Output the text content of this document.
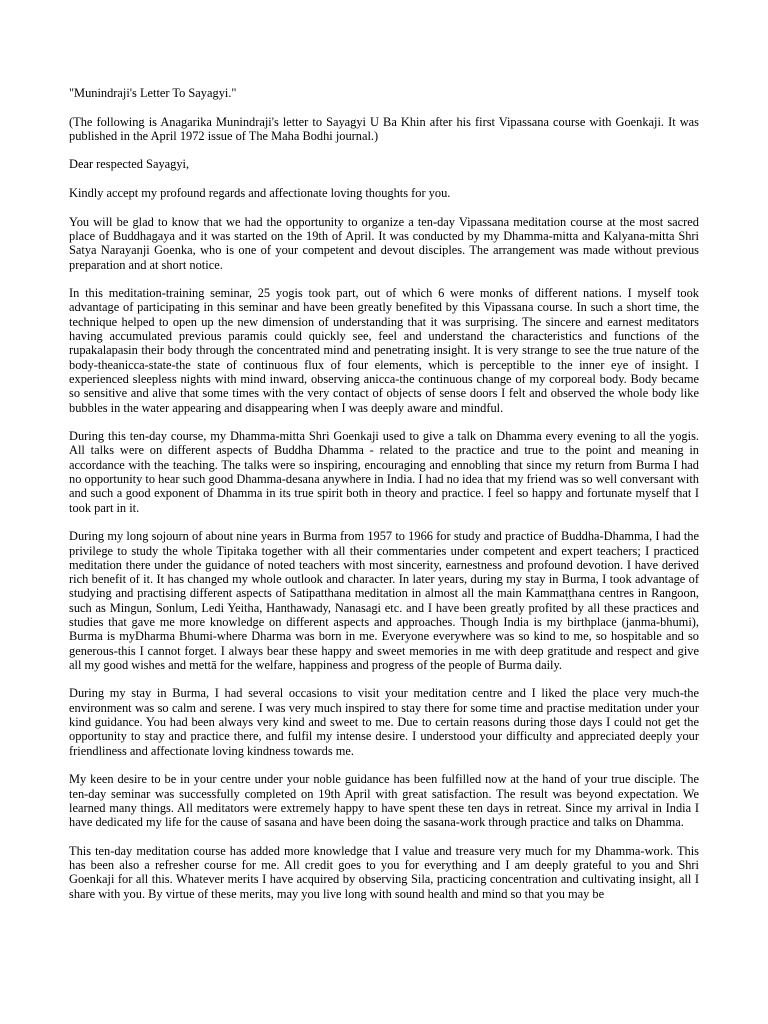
"Munindraji's Letter To Sayagyi."

(The following is Anagarika Munindraji's letter to Sayagyi U Ba Khin after his first Vipassana course with Goenkaji. It was published in the April 1972 issue of The Maha Bodhi journal.)

Dear respected Sayagyi,

Kindly accept my profound regards and affectionate loving thoughts for you.

You will be glad to know that we had the opportunity to organize a ten-day Vipassana meditation course at the most sacred place of Buddhagaya and it was started on the 19th of April. It was conducted by my Dhamma-mitta and Kalyana-mitta Shri Satya Narayanji Goenka, who is one of your competent and devout disciples. The arrangement was made without previous preparation and at short notice.

In this meditation-training seminar, 25 yogis took part, out of which 6 were monks of different nations. I myself took advantage of participating in this seminar and have been greatly benefited by this Vipassana course. In such a short time, the technique helped to open up the new dimension of understanding that it was surprising. The sincere and earnest meditators having accumulated previous paramis could quickly see, feel and understand the characteristics and functions of the rupakalapasin their body through the concentrated mind and penetrating insight. It is very strange to see the true nature of the body-theanicca-state-the state of continuous flux of four elements, which is perceptible to the inner eye of insight. I experienced sleepless nights with mind inward, observing anicca-the continuous change of my corporeal body. Body became so sensitive and alive that some times with the very contact of objects of sense doors I felt and observed the whole body like bubbles in the water appearing and disappearing when I was deeply aware and mindful.

During this ten-day course, my Dhamma-mitta Shri Goenkaji used to give a talk on Dhamma every evening to all the yogis. All talks were on different aspects of Buddha Dhamma - related to the practice and true to the point and meaning in accordance with the teaching. The talks were so inspiring, encouraging and ennobling that since my return from Burma I had no opportunity to hear such good Dhamma-desana anywhere in India. I had no idea that my friend was so well conversant with and such a good exponent of Dhamma in its true spirit both in theory and practice. I feel so happy and fortunate myself that I took part in it.

During my long sojourn of about nine years in Burma from 1957 to 1966 for study and practice of Buddha-Dhamma, I had the privilege to study the whole Tipitaka together with all their commentaries under competent and expert teachers; I practiced meditation there under the guidance of noted teachers with most sincerity, earnestness and profound devotion. I have derived rich benefit of it. It has changed my whole outlook and character. In later years, during my stay in Burma, I took advantage of studying and practising different aspects of Satipatthana meditation in almost all the main Kammaṭṭhana centres in Rangoon, such as Mingun, Sonlum, Ledi Yeitha, Hanthawady, Nanasagi etc. and I have been greatly profited by all these practices and studies that gave me more knowledge on different aspects and approaches. Though India is my birthplace (janma-bhumi), Burma is myDharma Bhumi-where Dharma was born in me. Everyone everywhere was so kind to me, so hospitable and so generous-this I cannot forget. I always bear these happy and sweet memories in me with deep gratitude and respect and give all my good wishes and mettā for the welfare, happiness and progress of the people of Burma daily.

During my stay in Burma, I had several occasions to visit your meditation centre and I liked the place very much-the environment was so calm and serene. I was very much inspired to stay there for some time and practise meditation under your kind guidance. You had been always very kind and sweet to me. Due to certain reasons during those days I could not get the opportunity to stay and practice there, and fulfil my intense desire. I understood your difficulty and appreciated deeply your friendliness and affectionate loving kindness towards me.

My keen desire to be in your centre under your noble guidance has been fulfilled now at the hand of your true disciple. The ten-day seminar was successfully completed on 19th April with great satisfaction. The result was beyond expectation. We learned many things. All meditators were extremely happy to have spent these ten days in retreat. Since my arrival in India I have dedicated my life for the cause of sasana and have been doing the sasana-work through practice and talks on Dhamma.

This ten-day meditation course has added more knowledge that I value and treasure very much for my Dhamma-work. This has been also a refresher course for me. All credit goes to you for everything and I am deeply grateful to you and Shri Goenkaji for all this. Whatever merits I have acquired by observing Sila, practicing concentration and cultivating insight, all I share with you. By virtue of these merits, may you live long with sound health and mind so that you may be
